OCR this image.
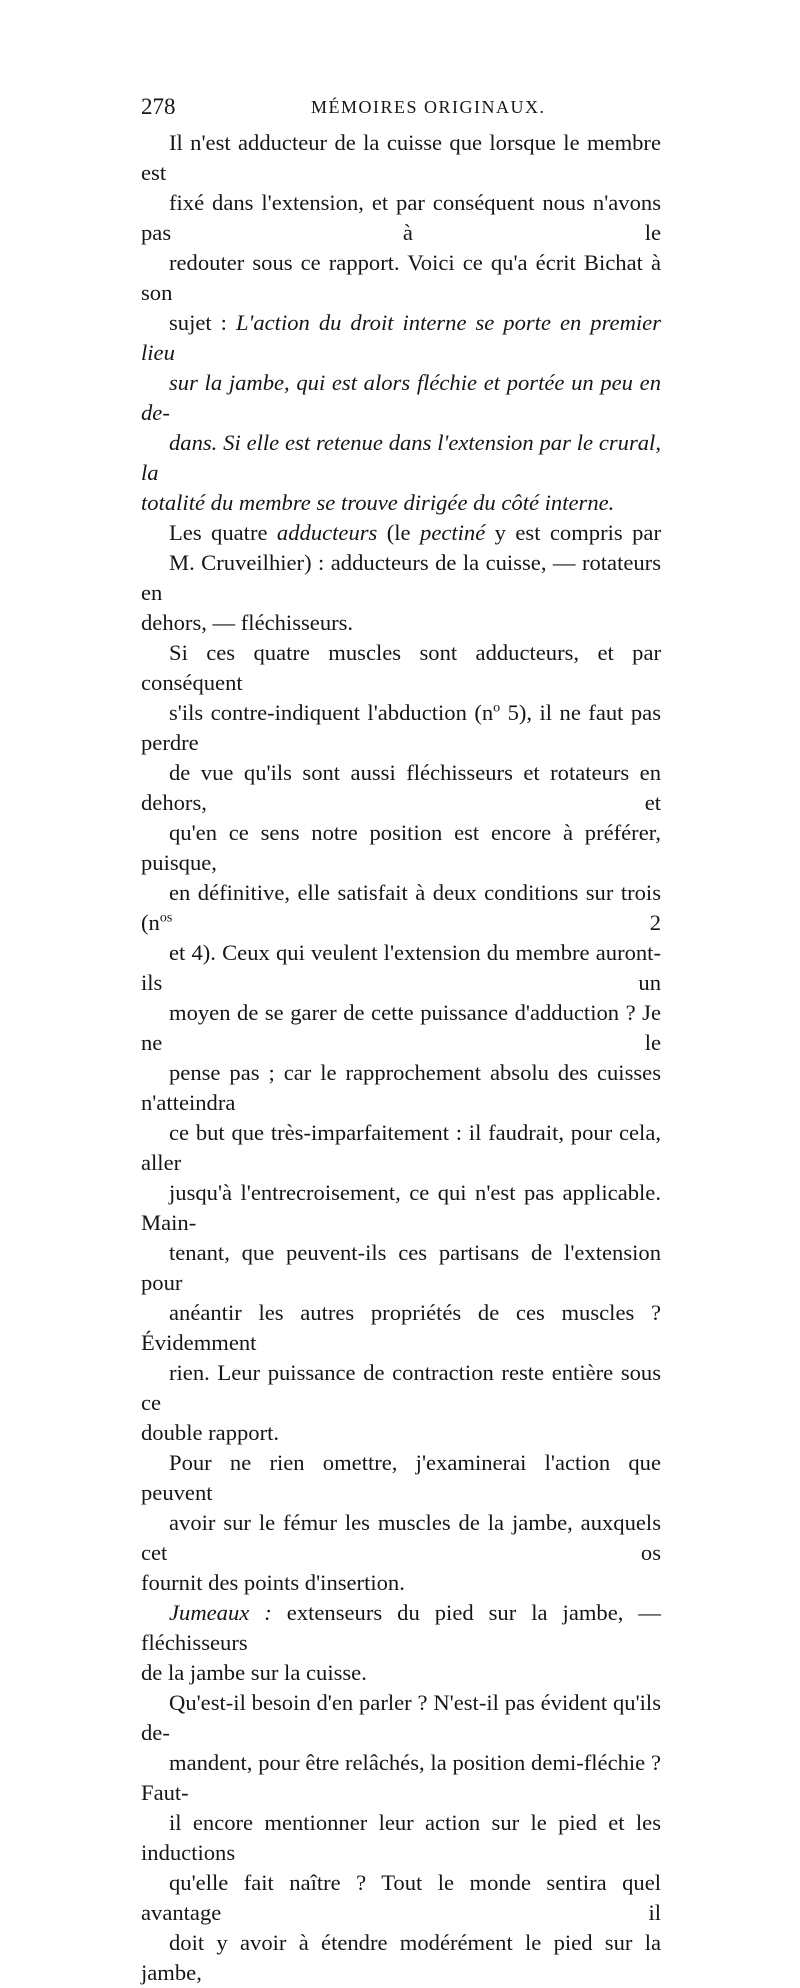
278	MÉMOIRES ORIGINAUX.

Il n'est adducteur de la cuisse que lorsque le membre est
fixé dans l'extension, et par conséquent nous n'avons pas à le
redouter sous ce rapport. Voici ce qu'a écrit Bichat à son
sujet : L'action du droit interne se porte en premier lieu
sur la jambe, qui est alors fléchie et portée un peu en de-
dans. Si elle est retenue dans l'extension par le crural, la

totalité du membre se trouve dirigée du côté interne.

Les quatre adducteurs (le pectiné y est compris par
M. Cruveilhier) : adducteurs de la cuisse, — rotateurs en

dehors, — fléchisseurs.

Si ces quatre muscles sont adducteurs, et par conséquent
s'ils contre-indiquent l'abduction ($n^o$ 5), il ne faut pas perdre
de vue qu'ils sont aussi fléchisseurs et rotateurs en dehors, et
qu'en ce sens notre position est encore à préférer, puisque,
en définitive, elle satisfait à deux conditions sur trois ($n^{os}$ 2
et 4). Ceux qui veulent l'extension du membre auront-ils un
moyen de se garer de cette puissance d'adduction ? Je ne le
pense pas ; car le rapprochement absolu des cuisses n'atteindra
ce but que très-imparfaitement : il faudrait, pour cela, aller
jusqu'à l'entrecroisement, ce qui n'est pas applicable. Main-
tenant, que peuvent-ils ces partisans de l'extension pour
anéantir les autres propriétés de ces muscles ? Évidemment
rien. Leur puissance de contraction reste entière sous ce

double rapport.

Pour ne rien omettre, j'examinerai l'action que peuvent
avoir sur le fémur les muscles de la jambe, auxquels cet os

fournit des points d'insertion.

Jumeaux : extenseurs du pied sur la jambe, — fléchisseurs

de la jambe sur la cuisse.

Qu'est-il besoin d'en parler ? N'est-il pas évident qu'ils de-
mandent, pour être relâchés, la position demi-fléchie ? Faut-
il encore mentionner leur action sur le pied et les inductions
qu'elle fait naître ? Tout le monde sentira quel avantage il
doit y avoir à étendre modérément le pied sur la jambe,
